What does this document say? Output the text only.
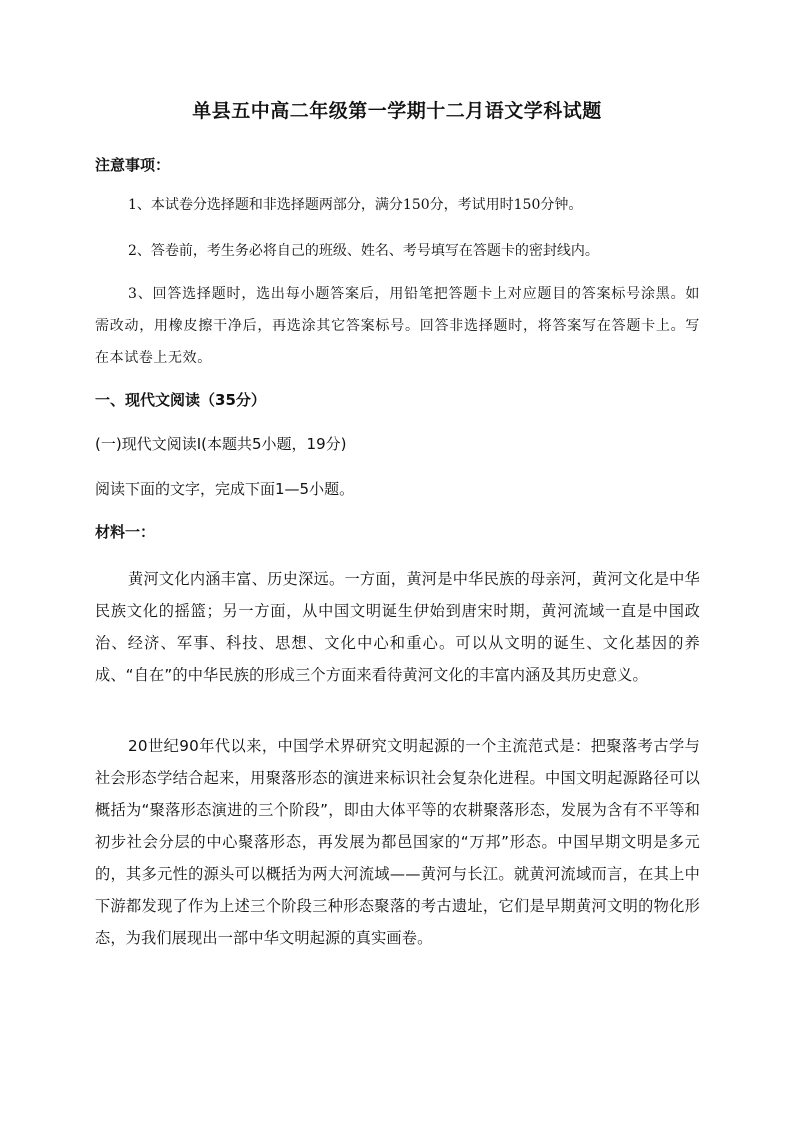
单县五中高二年级第一学期十二月语文学科试题

注意事项：

1、本试卷分选择题和非选择题两部分，满分150分，考试用时150分钟。

2、答卷前，考生务必将自己的班级、姓名、考号填写在答题卡的密封线内。

3、回答选择题时，选出每小题答案后，用铅笔把答题卡上对应题目的答案标号涂黑。如需改动，用橡皮擦干净后，再选涂其它答案标号。回答非选择题时，将答案写在答题卡上。写在本试卷上无效。

一、现代文阅读（35分）

(一)现代文阅读Ⅰ(本题共5小题，19分)

阅读下面的文字，完成下面1—5小题。

材料一：

黄河文化内涵丰富、历史深远。一方面，黄河是中华民族的母亲河，黄河文化是中华民族文化的摇篮；另一方面，从中国文明诞生伊始到唐宋时期，黄河流域一直是中国政治、经济、军事、科技、思想、文化中心和重心。可以从文明的诞生、文化基因的养成、“自在”的中华民族的形成三个方面来看待黄河文化的丰富内涵及其历史意义。

20世纪90年代以来，中国学术界研究文明起源的一个主流范式是：把聚落考古学与社会形态学结合起来，用聚落形态的演进来标识社会复杂化进程。中国文明起源路径可以概括为“聚落形态演进的三个阶段”，即由大体平等的农耕聚落形态，发展为含有不平等和初步社会分层的中心聚落形态，再发展为都邑国家的“万邦”形态。中国早期文明是多元的，其多元性的源头可以概括为两大河流域——黄河与长江。就黄河流域而言，在其上中下游都发现了作为上述三个阶段三种形态聚落的考古遗址，它们是早期黄河文明的物化形态，为我们展现出一部中华文明起源的真实画卷。
